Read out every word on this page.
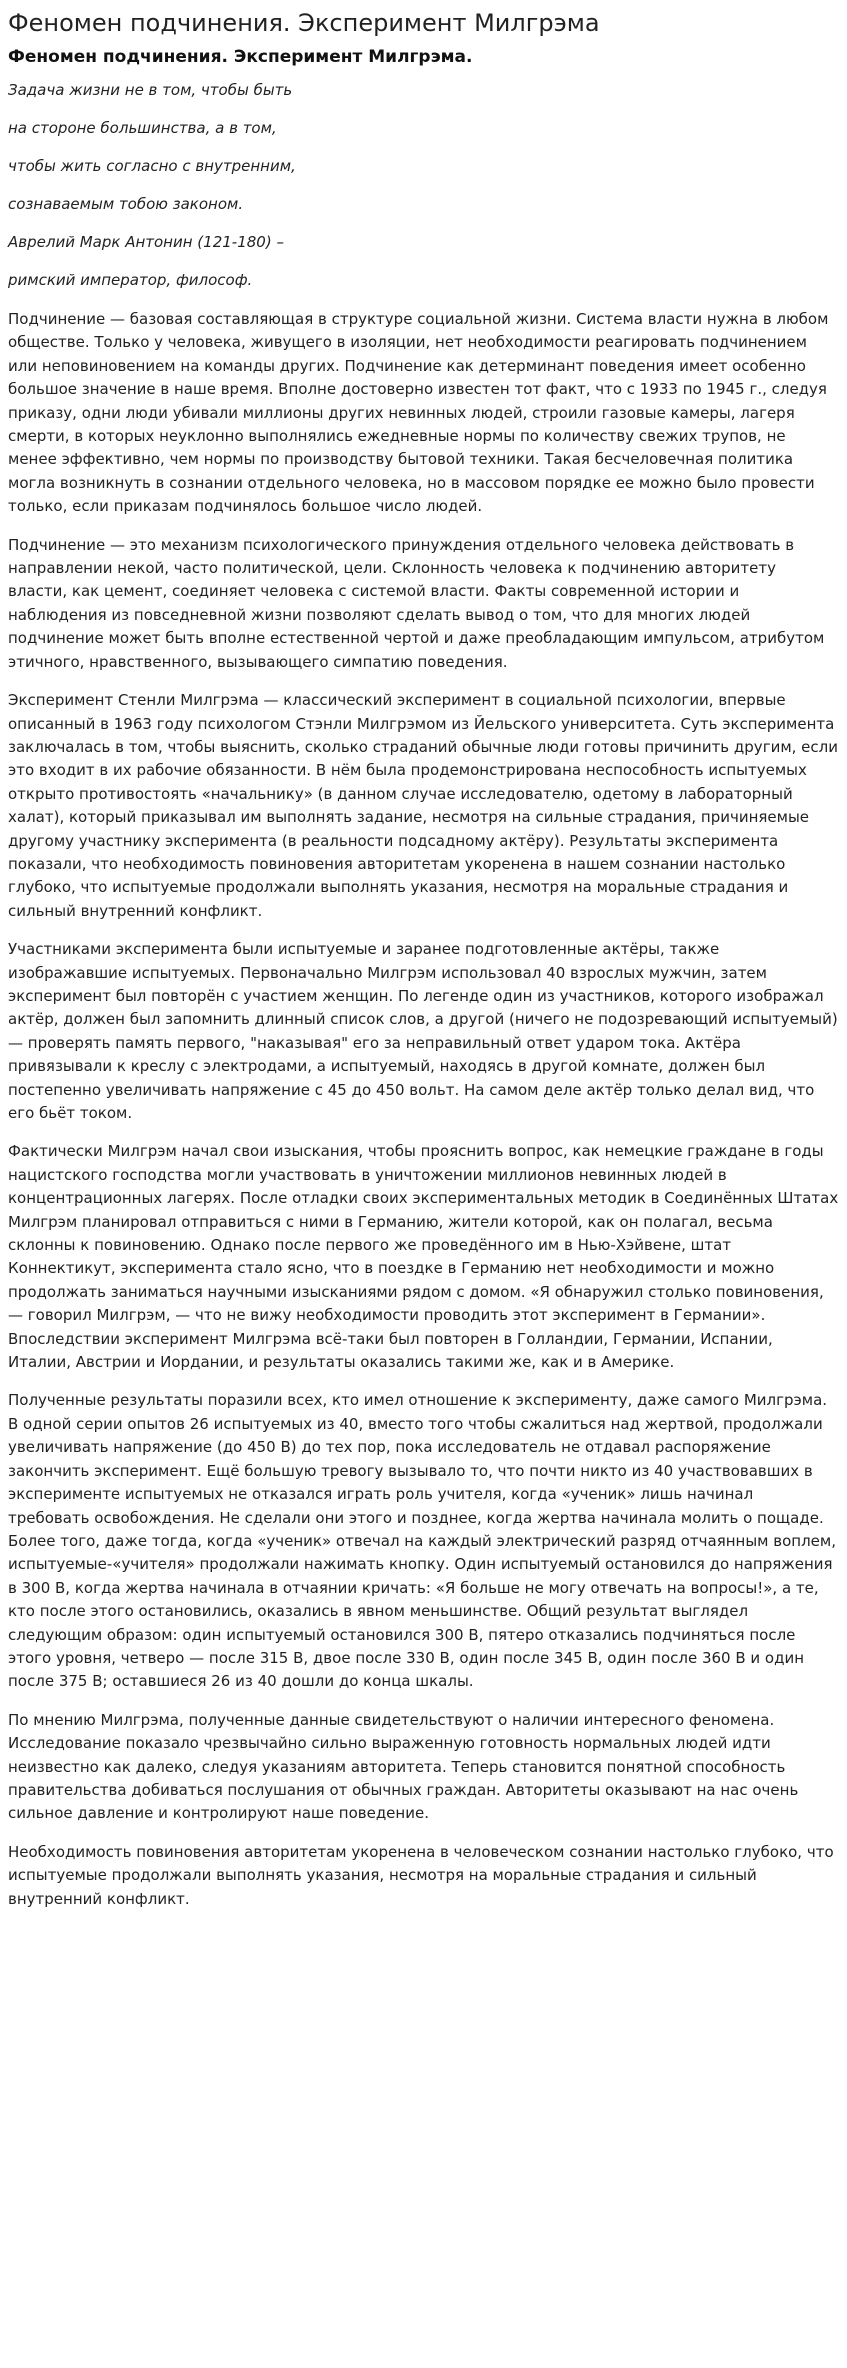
Феномен подчинения. Эксперимент Милгрэма
Феномен подчинения. Эксперимент Милгрэма.

Задача жизни не в том, чтобы быть

на стороне большинства, а в том,

чтобы жить согласно с внутренним,

сознаваемым тобою законом.

Аврелий Марк Антонин (121-180) –

римский император, философ.

Подчинение — базовая составляющая в структуре социальной жизни. Система власти нужна в любом обществе. Только у человека, живущего в изоляции, нет необходимости реагировать подчинением или неповиновением на команды других. Подчинение как детерминант поведения имеет особенно большое значение в наше время. Вполне достоверно известен тот факт, что с 1933 по 1945 г., следуя приказу, одни люди убивали миллионы других невинных людей, строили газовые камеры, лагеря смерти, в которых неуклонно выполнялись ежедневные нормы по количеству свежих трупов, не менее эффективно, чем нормы по производству бытовой техники. Такая бесчеловечная политика могла возникнуть в сознании отдельного человека, но в массовом порядке ее можно было провести только, если приказам подчинялось большое число людей.

Подчинение — это механизм психологического принуждения отдельного человека действовать в направлении некой, часто политической, цели. Склонность человека к подчинению авторитету власти, как цемент, соединяет человека с системой власти. Факты современной истории и наблюдения из повседневной жизни позволяют сделать вывод о том, что для многих людей подчинение может быть вполне естественной чертой и даже преобладающим импульсом, атрибутом этичного, нравственного, вызывающего симпатию поведения.

Эксперимент Стенли Милгрэма — классический эксперимент в социальной психологии, впервые описанный в 1963 году психологом Стэнли Милгрэмом из Йельского университета. Суть эксперимента заключалась в том, чтобы выяснить, сколько страданий обычные люди готовы причинить другим, если это входит в их рабочие обязанности. В нём была продемонстрирована неспособность испытуемых открыто противостоять «начальнику» (в данном случае исследователю, одетому в лабораторный халат), который приказывал им выполнять задание, несмотря на сильные страдания, причиняемые другому участнику эксперимента (в реальности подсадному актёру). Результаты эксперимента показали, что необходимость повиновения авторитетам укоренена в нашем сознании настолько глубоко, что испытуемые продолжали выполнять указания, несмотря на моральные страдания и сильный внутренний конфликт.

Участниками эксперимента были испытуемые и заранее подготовленные актёры, также изображавшие испытуемых. Первоначально Милгрэм использовал 40 взрослых мужчин, затем эксперимент был повторён с участием женщин. По легенде один из участников, которого изображал актёр, должен был запомнить длинный список слов, а другой (ничего не подозревающий испытуемый) — проверять память первого, "наказывая" его за неправильный ответ ударом тока. Актёра привязывали к креслу с электродами, а испытуемый, находясь в другой комнате, должен был постепенно увеличивать напряжение с 45 до 450 вольт. На самом деле актёр только делал вид, что его бьёт током.

Фактически Милгрэм начал свои изыскания, чтобы прояснить вопрос, как немецкие граждане в годы нацистского господства могли участвовать в уничтожении миллионов невинных людей в концентрационных лагерях. После отладки своих экспериментальных методик в Соединённых Штатах Милгрэм планировал отправиться с ними в Германию, жители которой, как он полагал, весьма склонны к повиновению. Однако после первого же проведённого им в Нью-Хэйвене, штат Коннектикут, эксперимента стало ясно, что в поездке в Германию нет необходимости и можно продолжать заниматься научными изысканиями рядом с домом. «Я обнаружил столько повиновения, — говорил Милгрэм, — что не вижу необходимости проводить этот эксперимент в Германии». Впоследствии эксперимент Милгрэма всё-таки был повторен в Голландии, Германии, Испании, Италии, Австрии и Иордании, и результаты оказались такими же, как и в Америке.

Полученные результаты поразили всех, кто имел отношение к эксперименту, даже самого Милгрэма. В одной серии опытов 26 испытуемых из 40, вместо того чтобы сжалиться над жертвой, продолжали увеличивать напряжение (до 450 В) до тех пор, пока исследователь не отдавал распоряжение закончить эксперимент. Ещё большую тревогу вызывало то, что почти никто из 40 участвовавших в эксперименте испытуемых не отказался играть роль учителя, когда «ученик» лишь начинал требовать освобождения. Не сделали они этого и позднее, когда жертва начинала молить о пощаде. Более того, даже тогда, когда «ученик» отвечал на каждый электрический разряд отчаянным воплем, испытуемые-«учителя» продолжали нажимать кнопку. Один испытуемый остановился до напряжения в 300 В, когда жертва начинала в отчаянии кричать: «Я больше не могу отвечать на вопросы!», а те, кто после этого остановились, оказались в явном меньшинстве. Общий результат выглядел следующим образом: один испытуемый остановился 300 В, пятеро отказались подчиняться после этого уровня, четверо — после 315 В, двое после 330 В, один после 345 В, один после 360 В и один после 375 В; оставшиеся 26 из 40 дошли до конца шкалы.

По мнению Милгрэма, полученные данные свидетельствуют о наличии интересного феномена. Исследование показало чрезвычайно сильно выраженную готовность нормальных людей идти неизвестно как далеко, следуя указаниям авторитета. Теперь становится понятной способность правительства добиваться послушания от обычных граждан. Авторитеты оказывают на нас очень сильное давление и контролируют наше поведение.

Необходимость повиновения авторитетам укоренена в человеческом сознании настолько глубоко, что испытуемые продолжали выполнять указания, несмотря на моральные страдания и сильный внутренний конфликт.
